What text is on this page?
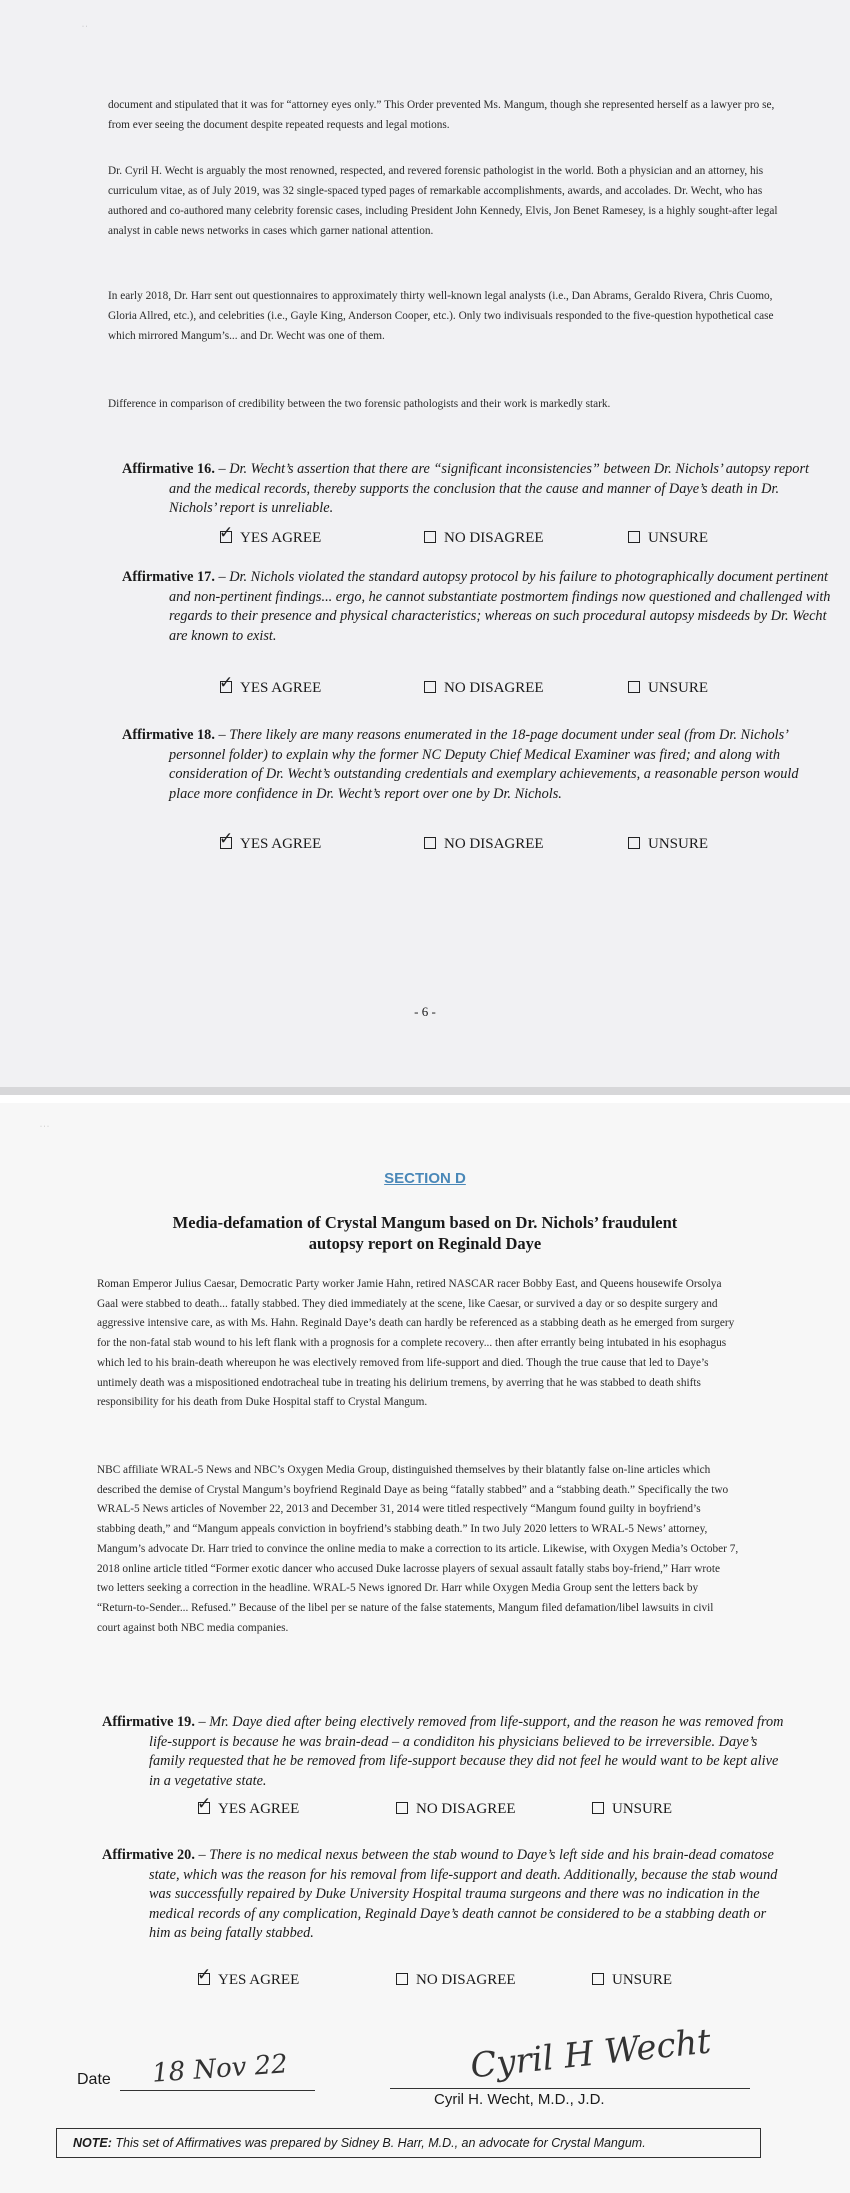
· ·

document and stipulated that it was for “attorney eyes only.” This Order prevented Ms. Mangum, though she represented herself as a lawyer pro se, from ever seeing the document despite repeated requests and legal motions.

Dr. Cyril H. Wecht is arguably the most renowned, respected, and revered forensic pathologist in the world. Both a physician and an attorney, his curriculum vitae, as of July 2019, was 32 single-spaced typed pages of remarkable accomplishments, awards, and accolades. Dr. Wecht, who has authored and co-authored many celebrity forensic cases, including President John Kennedy, Elvis, Jon Benet Ramesey, is a highly sought-after legal analyst in cable news networks in cases which garner national attention.

In early 2018, Dr. Harr sent out questionnaires to approximately thirty well-known legal analysts (i.e., Dan Abrams, Geraldo Rivera, Chris Cuomo, Gloria Allred, etc.), and celebrities (i.e., Gayle King, Anderson Cooper, etc.). Only two indivisuals responded to the five-question hypothetical case which mirrored Mangum’s... and Dr. Wecht was one of them.

Difference in comparison of credibility between the two forensic pathologists and their work is markedly stark.

Affirmative 16. – Dr. Wecht’s assertion that there are “significant inconsistencies” between Dr. Nichols’ autopsy report and the medical records, thereby supports the conclusion that the cause and manner of Daye’s death in Dr. Nichols’ report is unreliable.

✓ YES AGREE	NO DISAGREE	UNSURE

Affirmative 17. – Dr. Nichols violated the standard autopsy protocol by his failure to photographically document pertinent and non-pertinent findings... ergo, he cannot substantiate postmortem findings now questioned and challenged with regards to their presence and physical characteristics; whereas on such procedural autopsy misdeeds by Dr. Wecht are known to exist.

✓ YES AGREE	NO DISAGREE	UNSURE

Affirmative 18. – There likely are many reasons enumerated in the 18-page document under seal (from Dr. Nichols’ personnel folder) to explain why the former NC Deputy Chief Medical Examiner was fired; and along with consideration of Dr. Wecht’s outstanding credentials and exemplary achievements, a reasonable person would place more confidence in Dr. Wecht’s report over one by Dr. Nichols.

✓ YES AGREE	NO DISAGREE	UNSURE
- 6 -
· · ·
SECTION D

Media-defamation of Crystal Mangum based on Dr. Nichols’ fraudulent autopsy report on Reginald Daye

Roman Emperor Julius Caesar, Democratic Party worker Jamie Hahn, retired NASCAR racer Bobby East, and Queens housewife Orsolya Gaal were stabbed to death... fatally stabbed. They died immediately at the scene, like Caesar, or survived a day or so despite surgery and aggressive intensive care, as with Ms. Hahn. Reginald Daye’s death can hardly be referenced as a stabbing death as he emerged from surgery for the non-fatal stab wound to his left flank with a prognosis for a complete recovery... then after errantly being intubated in his esophagus which led to his brain-death whereupon he was electively removed from life-support and died. Though the true cause that led to Daye’s untimely death was a mispositioned endotracheal tube in treating his delirium tremens, by averring that he was stabbed to death shifts responsibility for his death from Duke Hospital staff to Crystal Mangum.

NBC affiliate WRAL-5 News and NBC’s Oxygen Media Group, distinguished themselves by their blatantly false on-line articles which described the demise of Crystal Mangum’s boyfriend Reginald Daye as being “fatally stabbed” and a “stabbing death.” Specifically the two WRAL-5 News articles of November 22, 2013 and December 31, 2014 were titled respectively “Mangum found guilty in boyfriend’s stabbing death,” and “Mangum appeals conviction in boyfriend’s stabbing death.” In two July 2020 letters to WRAL-5 News’ attorney, Mangum’s advocate Dr. Harr tried to convince the online media to make a correction to its article. Likewise, with Oxygen Media’s October 7, 2018 online article titled “Former exotic dancer who accused Duke lacrosse players of sexual assault fatally stabs boy-friend,” Harr wrote two letters seeking a correction in the headline. WRAL-5 News ignored Dr. Harr while Oxygen Media Group sent the letters back by “Return-to-Sender... Refused.” Because of the libel per se nature of the false statements, Mangum filed defamation/libel lawsuits in civil court against both NBC media companies.

Affirmative 19. – Mr. Daye died after being electively removed from life-support, and the reason he was removed from life-support is because he was brain-dead – a condiditon his physicians believed to be irreversible. Daye’s family requested that he be removed from life-support because they did not feel he would want to be kept alive in a vegetative state.

✓ YES AGREE	NO DISAGREE	UNSURE

Affirmative 20. – There is no medical nexus between the stab wound to Daye’s left side and his brain-dead comatose state, which was the reason for his removal from life-support and death. Additionally, because the stab wound was successfully repaired by Duke University Hospital trauma surgeons and there was no indication in the medical records of any complication, Reginald Daye’s death cannot be considered to be a stabbing death or him as being fatally stabbed.

✓ YES AGREE	NO DISAGREE	UNSURE
Date 18 Nov 22	Cyril H Wecht
Cyril H. Wecht, M.D., J.D.
NOTE: This set of Affirmatives was prepared by Sidney B. Harr, M.D., an advocate for Crystal Mangum.
